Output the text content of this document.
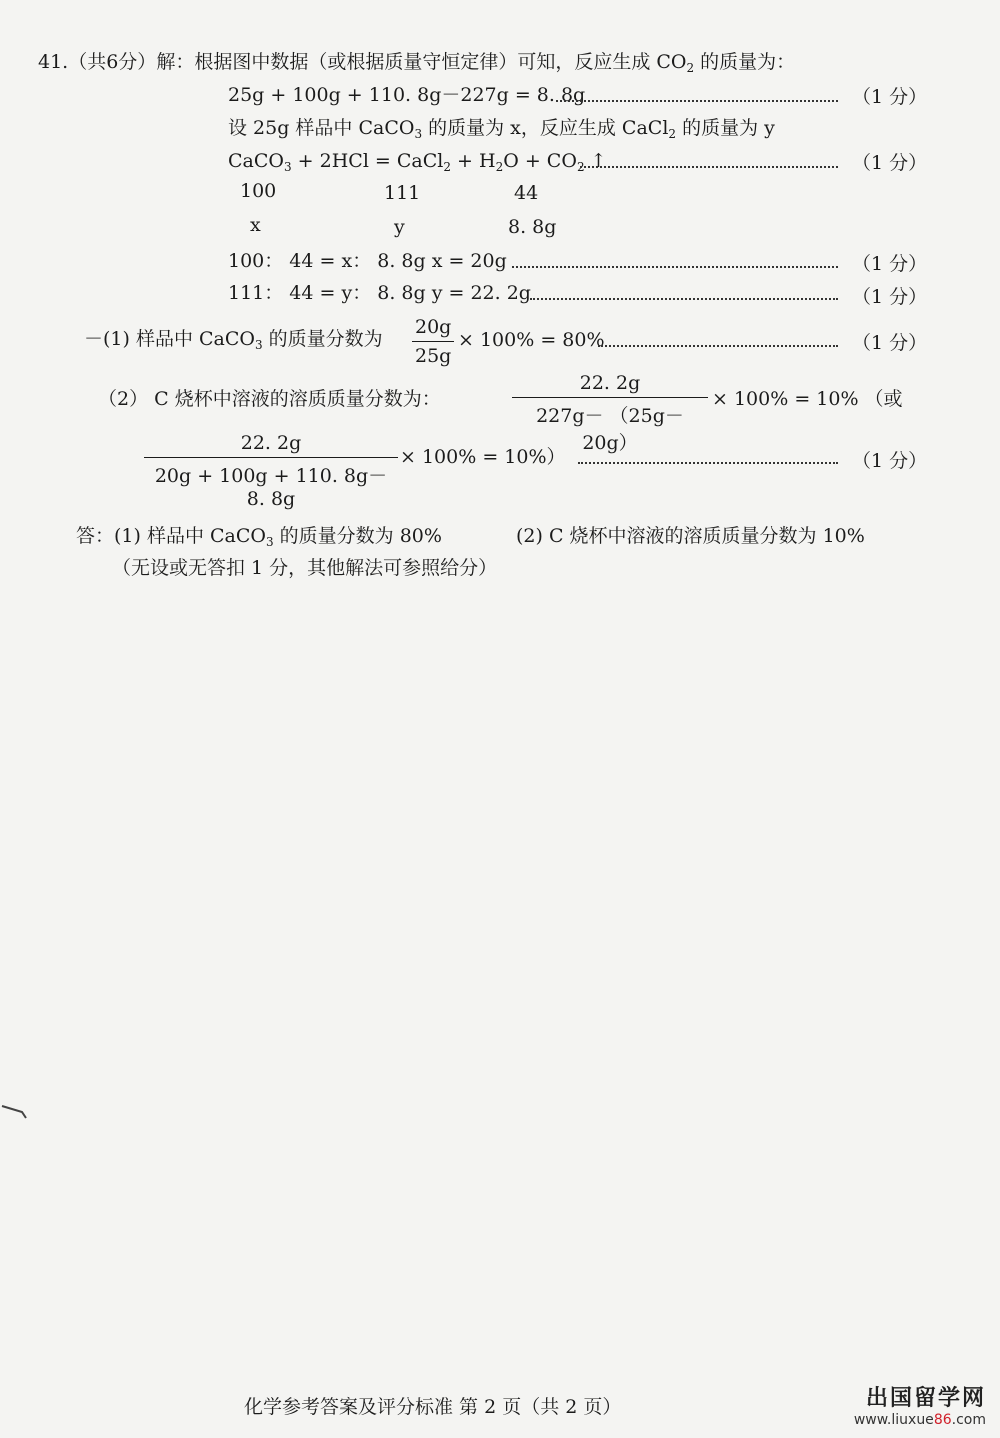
41.（共6分）解：根据图中数据（或根据质量守恒定律）可知，反应生成 $CO_2$ 的质量为：
25g + 100g + 110. 8g－227g = 8. 8g	（1 分）
设 25g 样品中 CaCO$_3$ 的质量为 x，反应生成 CaCl$_2$ 的质量为 y
CaCO$_3$ + 2HCl = CaCl$_2$ + $H_2O + CO_2$ ↑	（1 分）
100	111	44
x	y	8. 8g
100： 44 = x： 8. 8g x = 20g	（1 分）
111： 44 = y： 8. 8g y = 22. 2g	（1 分）
－(1) 样品中 CaCO$_3$ 的质量分数为 $\frac{20g}{25g} \times 100\% = 80\%$	（1 分）
（2） C 烧杯中溶液的溶质质量分数为：	$\frac{22. 2g}{227g- (25g-20g)} \times 100\% = 10\%$ （或
$\frac{22. 2g}{20g + 100g + 110. 8g-8. 8g} \times 100\% = 10\%$）	（1 分）
答：(1) 样品中 CaCO$_3$ 的质量分数为 80%	(2) C 烧杯中溶液的溶质质量分数为 10%
（无设或无答扣 1 分，其他解法可参照给分）
化学参考答案及评分标准 第 2 页（共 2 页）	出国留学网
www.liuxue86.com
